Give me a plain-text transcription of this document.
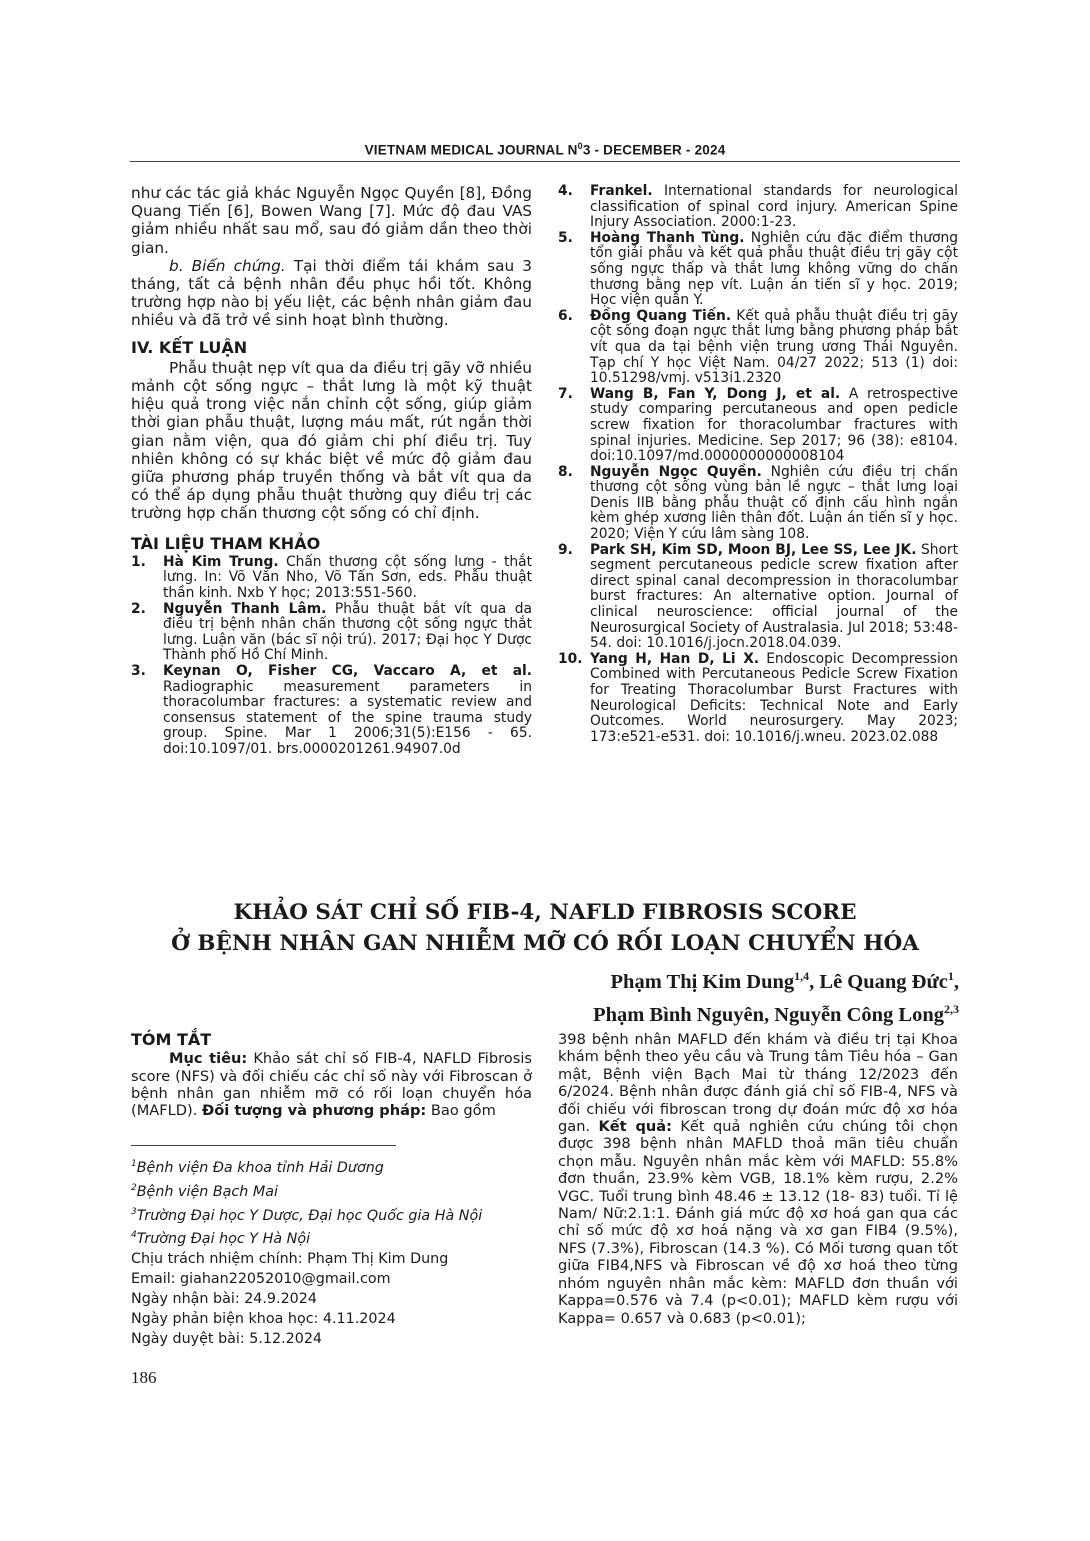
VIETNAM MEDICAL JOURNAL $N^03$ - DECEMBER - 2024

như các tác giả khác Nguyễn Ngọc Quyền [8], Đồng Quang Tiến [6], Bowen Wang [7]. Mức độ đau VAS giảm nhiều nhất sau mổ, sau đó giảm dần theo thời gian.

b. Biến chứng. Tại thời điểm tái khám sau 3 tháng, tất cả bệnh nhân đều phục hồi tốt. Không trường hợp nào bị yếu liệt, các bệnh nhân giảm đau nhiều và đã trở về sinh hoạt bình thường.

IV. KẾT LUẬN

Phẫu thuật nẹp vít qua da điều trị gãy vỡ nhiều mảnh cột sống ngực – thắt lưng là một kỹ thuật hiệu quả trong việc nắn chỉnh cột sống, giúp giảm thời gian phẫu thuật, lượng máu mất, rút ngắn thời gian nằm viện, qua đó giảm chi phí điều trị. Tuy nhiên không có sự khác biệt về mức độ giảm đau giữa phương pháp truyền thống và bắt vít qua da có thể áp dụng phẫu thuật thường quy điều trị các trường hợp chấn thương cột sống có chỉ định.

TÀI LIỆU THAM KHẢO
1.	Hà Kim Trung. Chấn thương cột sống lưng - thắt lưng. In: Võ Văn Nho, Võ Tấn Sơn, eds. Phẫu thuật thần kinh. Nxb Y học; 2013:551-560.
2.	Nguyễn Thanh Lâm. Phẫu thuật bắt vít qua da điều trị bệnh nhân chấn thương cột sống ngực thắt lưng. Luận văn (bác sĩ nội trú). 2017; Đại học Y Dược Thành phố Hồ Chí Minh.
3.	Keynan O, Fisher CG, Vaccaro A, et al. Radiographic measurement parameters in thoracolumbar fractures: a systematic review and consensus statement of the spine trauma study group. Spine. Mar 1 2006;31(5):E156 - 65. doi:10.1097/01. brs.0000201261.94907.0d
4.	Frankel. International standards for neurological classification of spinal cord injury. American Spine Injury Association. 2000:1-23.
5.	Hoàng Thanh Tùng. Nghiên cứu đặc điểm thương tổn giải phẫu và kết quả phẫu thuật điều trị gãy cột sống ngực thấp và thắt lưng không vững do chấn thương bằng nẹp vít. Luận án tiến sĩ y học. 2019; Học viện quân Y.
6.	Đồng Quang Tiến. Kết quả phẫu thuật điều trị gãy cột sống đoạn ngực thắt lưng bằng phương pháp bắt vít qua da tại bệnh viện trung ương Thái Nguyên. Tạp chí Y học Việt Nam. 04/27 2022; 513 (1) doi: 10.51298/vmj. v513i1.2320
7.	Wang B, Fan Y, Dong J, et al. A retrospective study comparing percutaneous and open pedicle screw fixation for thoracolumbar fractures with spinal injuries. Medicine. Sep 2017; 96 (38): e8104. doi:10.1097/md.0000000000008104
8.	Nguyễn Ngọc Quyền. Nghiên cứu điều trị chấn thương cột sống vùng bản lề ngực – thắt lưng loại Denis IIB bằng phẫu thuật cố định cấu hình ngắn kèm ghép xương liên thân đốt. Luận án tiến sĩ y học. 2020; Viện Y cứu lâm sàng 108.
9.	Park SH, Kim SD, Moon BJ, Lee SS, Lee JK. Short segment percutaneous pedicle screw fixation after direct spinal canal decompression in thoracolumbar burst fractures: An alternative option. Journal of clinical neuroscience: official journal of the Neurosurgical Society of Australasia. Jul 2018; 53:48-54. doi: 10.1016/j.jocn.2018.04.039.
10. Yang H, Han D, Li X. Endoscopic Decompression Combined with Percutaneous Pedicle Screw Fixation for Treating Thoracolumbar Burst Fractures with Neurological Deficits: Technical Note and Early Outcomes. World neurosurgery. May 2023; 173:e521-e531. doi: 10.1016/j.wneu. 2023.02.088
KHẢO SÁT CHỈ SỐ FIB-4, NAFLD FIBROSIS SCORE
Ở BỆNH NHÂN GAN NHIỄM MỠ CÓ RỐI LOẠN CHUYỂN HÓA
Phạm Thị Kim Dung$^{1,4}$, Lê Quang Đức$^1$,
Phạm Bình Nguyên, Nguyễn Công Long$^{2,3}$
TÓM TẮT

Mục tiêu: Khảo sát chỉ số FIB-4, NAFLD Fibrosis score (NFS) và đối chiếu các chỉ số này với Fibroscan ở bệnh nhân gan nhiễm mỡ có rối loạn chuyển hóa (MAFLD). Đối tượng và phương pháp: Bao gồm

398 bệnh nhân MAFLD đến khám và điều trị tại Khoa khám bệnh theo yêu cầu và Trung tâm Tiêu hóa – Gan mật, Bệnh viện Bạch Mai từ tháng 12/2023 đến 6/2024. Bệnh nhân được đánh giá chỉ số FIB-4, NFS và đối chiếu với fibroscan trong dự đoán mức độ xơ hóa gan. Kết quả: Kết quả nghiên cứu chúng tôi chọn được 398 bệnh nhân MAFLD thoả mãn tiêu chuẩn chọn mẫu. Nguyên nhân mắc kèm với MAFLD: 55.8% đơn thuần, 23.9% kèm VGB, 18.1% kèm rượu, 2.2% VGC. Tuổi trung bình 48.46 ± 13.12 (18- 83) tuổi. Tỉ lệ Nam/ Nữ:2.1:1. Đánh giá mức độ xơ hoá gan qua các chỉ số mức độ xơ hoá nặng và xơ gan FIB4 (9.5%), NFS (7.3%), Fibroscan (14.3 %). Có Mối tương quan tốt giữa FIB4,NFS và Fibroscan về độ xơ hoá theo từng nhóm nguyên nhân mắc kèm: MAFLD đơn thuần với Kappa=0.576 và 7.4 (p<0.01); MAFLD kèm rượu với Kappa= 0.657 và 0.683 (p<0.01);

$^1$Bệnh viện Đa khoa tỉnh Hải Dương
$^2$Bệnh viện Bạch Mai
$^3$Trường Đại học Y Dược, Đại học Quốc gia Hà Nội
$^4$Trường Đại học Y Hà Nội
Chịu trách nhiệm chính: Phạm Thị Kim Dung
Email: giahan22052010@gmail.com
Ngày nhận bài: 24.9.2024
Ngày phản biện khoa học: 4.11.2024
Ngày duyệt bài: 5.12.2024
186
